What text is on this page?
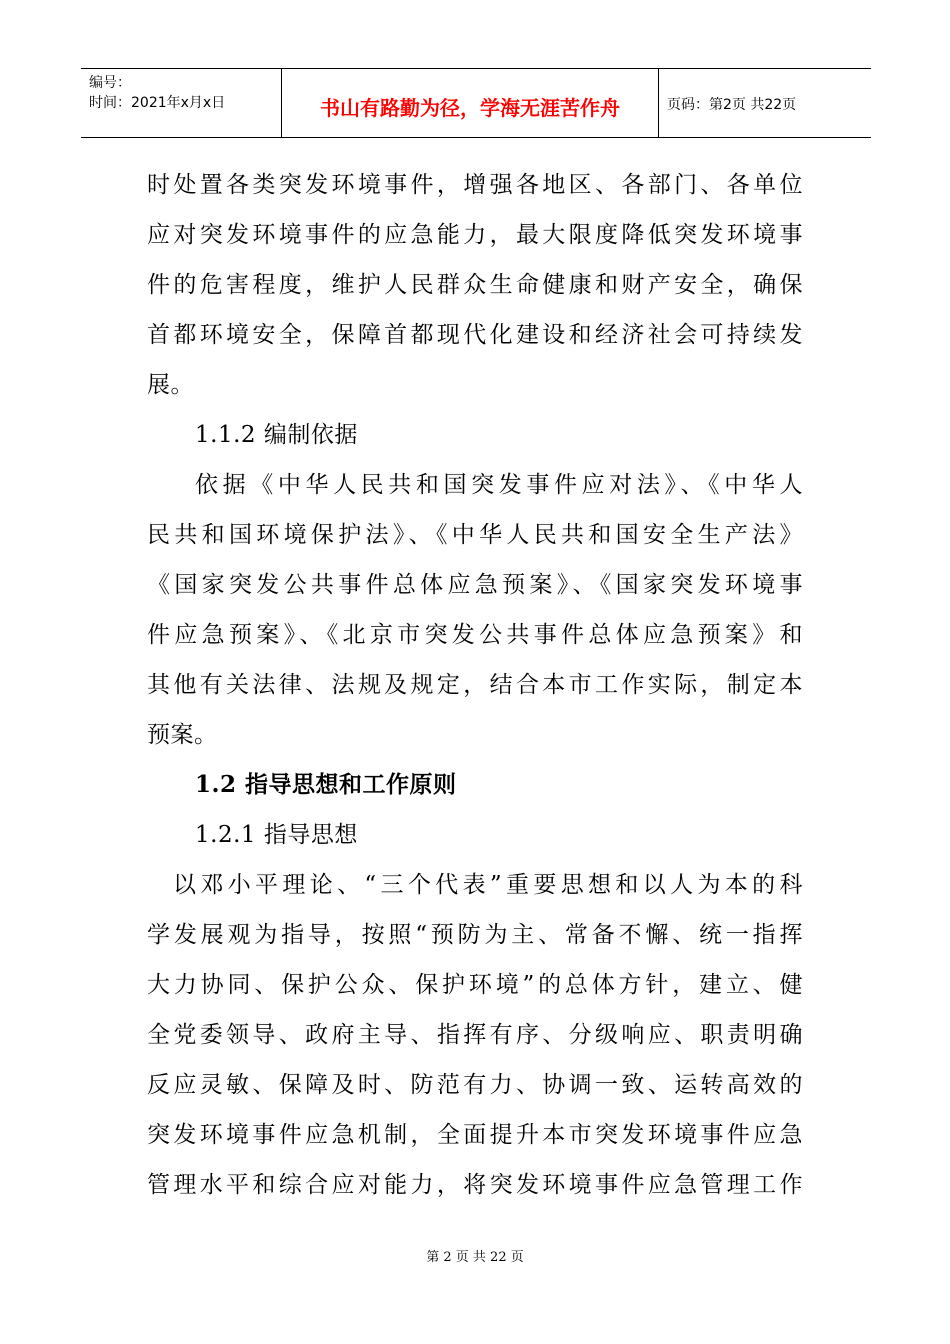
编号：
时间：2021年x月x日	书山有路勤为径，学海无涯苦作舟	页码：第2页 共22页
时处置各类突发环境事件，增强各地区、各部门、各单位
应对突发环境事件的应急能力，最大限度降低突发环境事
件的危害程度，维护人民群众生命健康和财产安全，确保
首都环境安全，保障首都现代化建设和经济社会可持续发
展。
1.1.2 编制依据
依据《中华人民共和国突发事件应对法》、《中华人
民共和国环境保护法》、《中华人民共和国安全生产法》
《国家突发公共事件总体应急预案》、《国家突发环境事
件应急预案》、《北京市突发公共事件总体应急预案》和
其他有关法律、法规及规定，结合本市工作实际，制定本
预案。
1.2 指导思想和工作原则
1.2.1 指导思想
以邓小平理论、“三个代表”重要思想和以人为本的科
学发展观为指导，按照“预防为主、常备不懈、统一指挥
大力协同、保护公众、保护环境”的总体方针，建立、健
全党委领导、政府主导、指挥有序、分级响应、职责明确
反应灵敏、保障及时、防范有力、协调一致、运转高效的
突发环境事件应急机制，全面提升本市突发环境事件应急
管理水平和综合应对能力，将突发环境事件应急管理工作
第 2 页 共 22 页
